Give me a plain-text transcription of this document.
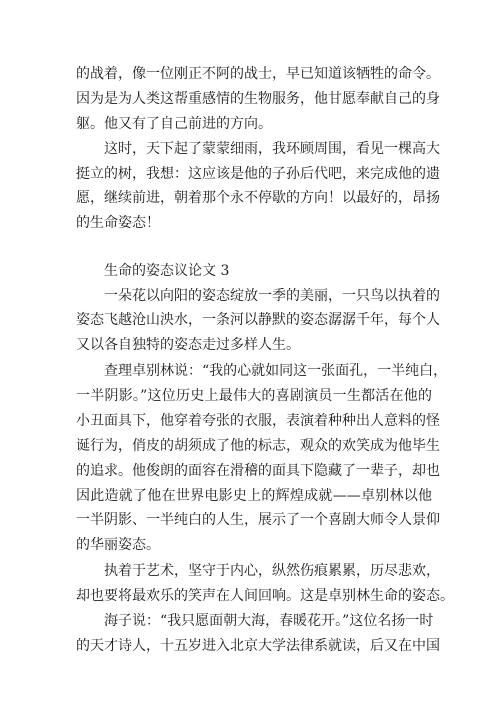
的战着，像一位刚正不阿的战士，早已知道该牺牲的命令。

因为是为人类这帮重感情的生物服务，他甘愿奉献自己的身

躯。他又有了自己前进的方向。

这时，天下起了蒙蒙细雨，我环顾周围，看见一棵高大

挺立的树，我想：这应该是他的子孙后代吧，来完成他的遗

愿，继续前进，朝着那个永不停歇的方向！以最好的，昂扬

的生命姿态！

生命的姿态议论文 3

一朵花以向阳的姿态绽放一季的美丽，一只鸟以执着的

姿态飞越沧山泱水，一条河以静默的姿态潺潺千年，每个人

又以各自独特的姿态走过多样人生。

查理卓别林说：“我的心就如同这一张面孔，一半纯白，

一半阴影。”这位历史上最伟大的喜剧演员一生都活在他的

小丑面具下，他穿着夸张的衣服，表演着种种出人意料的怪

诞行为，俏皮的胡须成了他的标志，观众的欢笑成为他毕生

的追求。他俊朗的面容在滑稽的面具下隐藏了一辈子，却也

因此造就了他在世界电影史上的辉煌成就——卓别林以他

一半阴影、一半纯白的人生，展示了一个喜剧大师令人景仰

的华丽姿态。

执着于艺术，坚守于内心，纵然伤痕累累，历尽悲欢，

却也要将最欢乐的笑声在人间回响。这是卓别林生命的姿态。

海子说：“我只愿面朝大海，春暖花开。”这位名扬一时

的天才诗人，十五岁进入北京大学法律系就读，后又在中国
